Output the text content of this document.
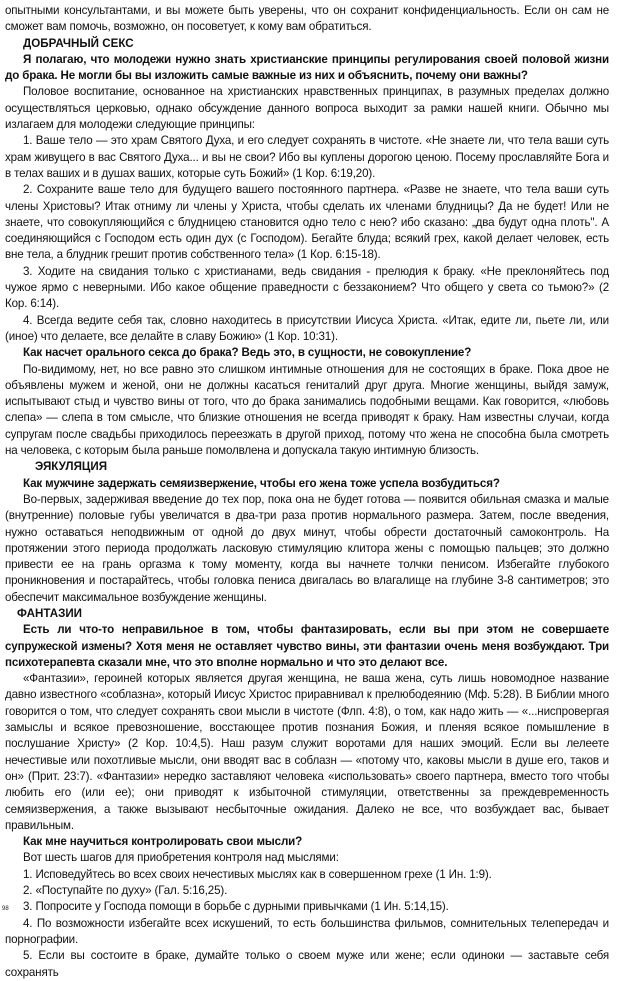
опытными консультантами, и вы можете быть уверены, что он сохранит конфиденциальность. Если он сам не сможет вам помочь, возможно, он посоветует, к кому вам обратиться.

ДОБРАЧНЫЙ СЕКС

Я полагаю, что молодежи нужно знать христианские принципы регулирования своей половой жизни до брака. Не могли бы вы изложить самые важные из них и объяснить, почему они важны?

Половое воспитание, основанное на христианских нравственных принципах, в разумных пределах должно осуществляться церковью, однако обсуждение данного вопроса выходит за рамки нашей книги. Обычно мы излагаем для молодежи следующие принципы:

1. Ваше тело — это храм Святого Духа, и его следует сохранять в чистоте. «Не знаете ли, что тела ваши суть храм живущего в вас Святого Духа... и вы не свои? Ибо вы куплены дорогою ценою. Посему прославляйте Бога и в телах ваших и в душах ваших, которые суть Божий» (1 Кор. 6:19,20).

2. Сохраните ваше тело для будущего вашего постоянного партнера. «Разве не знаете, что тела ваши суть члены Христовы? Итак отниму ли члены у Христа, чтобы сделать их членами блудницы? Да не будет! Или не знаете, что совокупляющийся с блудницею становится одно тело с нею? ибо сказано: „два будут одна плоть". А соединяющийся с Господом есть один дух (с Господом). Бегайте блуда; всякий грех, какой делает человек, есть вне тела, а блудник грешит против собственного тела» (1 Кор. 6:15-18).

3. Ходите на свидания только с христианами, ведь свидания - прелюдия к браку. «Не преклоняйтесь под чужое ярмо с неверными. Ибо какое общение праведности с беззаконием? Что общего у света со тьмою?» (2 Кор. 6:14).

4. Всегда ведите себя так, словно находитесь в присутствии Иисуса Христа. «Итак, едите ли, пьете ли, или (иное) что делаете, все делайте в славу Божию» (1 Кор. 10:31).

Как насчет орального секса до брака? Ведь это, в сущности, не совокупление?

По-видимому, нет, но все равно это слишком интимные отношения для не состоящих в браке. Пока двое не объявлены мужем и женой, они не должны касаться гениталий друг друга. Многие женщины, выйдя замуж, испытывают стыд и чувство вины от того, что до брака занимались подобными вещами. Как говорится, «любовь слепа» — слепа в том смысле, что близкие отношения не всегда приводят к браку. Нам известны случаи, когда супругам после свадьбы приходилось переезжать в другой приход, потому что жена не способна была смотреть на человека, с которым была раньше помолвлена и допускала такую интимную близость.

ЭЯКУЛЯЦИЯ

Как мужчине задержать семяизвержение, чтобы его жена тоже успела возбудиться?

Во-первых, задерживая введение до тех пор, пока она не будет готова — появится обильная смазка и малые (внутренние) половые губы увеличатся в два-три раза против нормального размера. Затем, после введения, нужно оставаться неподвижным от одной до двух минут, чтобы обрести достаточный самоконтроль. На протяжении этого периода продолжать ласковую стимуляцию клитора жены с помощью пальцев; это должно привести ее на грань оргазма к тому моменту, когда вы начнете толчки пенисом. Избегайте глубокого проникновения и постарайтесь, чтобы головка пениса двигалась во влагалище на глубине 3-8 сантиметров; это обеспечит максимальное возбуждение женщины.

ФАНТАЗИИ

Есть ли что-то неправильное в том, чтобы фантазировать, если вы при этом не совершаете супружеской измены? Хотя меня не оставляет чувство вины, эти фантазии очень меня возбуждают. Три психотерапевта сказали мне, что это вполне нормально и что это делают все.

«Фантазии», героиней которых является другая женщина, не ваша жена, суть лишь новомодное название давно известного «соблазна», который Иисус Христос приравнивал к прелюбодеянию (Мф. 5:28). В Библии много говорится о том, что следует сохранять свои мысли в чистоте (Флп. 4:8), о том, как надо жить — «...ниспровергая замыслы и всякое превозношение, восстающее против познания Божия, и пленяя всякое помышление в послушание Христу» (2 Кор. 10:4,5). Наш разум служит воротами для наших эмоций. Если вы лелеете нечестивые или похотливые мысли, они вводят вас в соблазн — «потому что, каковы мысли в душе его, таков и он» (Прит. 23:7). «Фантазии» нередко заставляют человека «использовать» своего партнера, вместо того чтобы любить его (или ее); они приводят к избыточной стимуляции, ответственны за преждевременность семяизвержения, а также вызывают несбыточные ожидания. Далеко не все, что возбуждает вас, бывает правильным.

Как мне научиться контролировать свои мысли?

Вот шесть шагов для приобретения контроля над мыслями:

1. Исповедуйтесь во всех своих нечестивых мыслях как в совершенном грехе (1 Ин. 1:9).

2. «Поступайте по духу» (Гал. 5:16,25).

3. Попросите у Господа помощи в борьбе с дурными привычками (1 Ин. 5:14,15).

4. По возможности избегайте всех искушений, то есть большинства фильмов, сомнительных телепередач и порнографии.

5. Если вы состоите в браке, думайте только о своем муже или жене; если одиноки — заставьте себя сохранять

98
